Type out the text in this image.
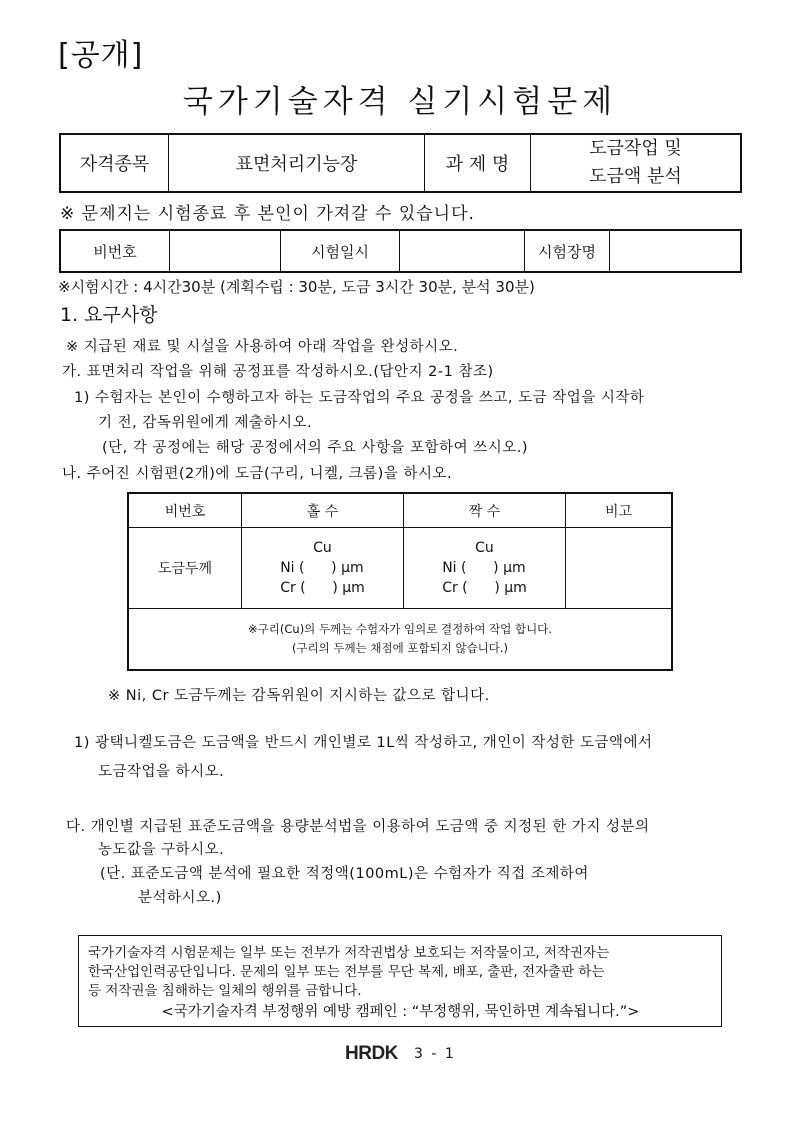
[공개]
국가기술자격 실기시험문제
자격종목	표면처리기능장	과 제 명	
도금작업 및
도금액 분석
※ 문제지는 시험종료 후 본인이 가져갈 수 있습니다.
비번호		시험일시		시험장명	
※시험시간 : 4시간30분 (계획수립 : 30분, 도금 3시간 30분, 분석 30분)
1. 요구사항
※ 지급된 재료 및 시설을 사용하여 아래 작업을 완성하시오.
가. 표면처리 작업을 위해 공정표를 작성하시오.(답안지 2-1 참조)
1) 수험자는 본인이 수행하고자 하는 도금작업의 주요 공정을 쓰고, 도금 작업을 시작하
기 전, 감독위원에게 제출하시오.
(단, 각 공정에는 해당 공정에서의 주요 사항을 포함하여 쓰시오.)
나. 주어진 시험편(2개)에 도금(구리, 니켈, 크롬)을 하시오.
비번호	홀 수	짝 수	비고
도금두께	Cu
Ni (      ) μm
Cr (      ) μm	Cu
Ni (      ) μm
Cr (      ) μm	

※구리(Cu)의 두께는 수험자가 임의로 결정하여 작업 합니다.
(구리의 두께는 채점에 포함되지 않습니다.)			
※ Ni, Cr 도금두께는 감독위원이 지시하는 값으로 합니다.
1) 광택니켈도금은 도금액을 반드시 개인별로 1L씩 작성하고, 개인이 작성한 도금액에서
도금작업을 하시오.
다. 개인별 지급된 표준도금액을 용량분석법을 이용하여 도금액 중 지정된 한 가지 성분의
농도값을 구하시오.
(단. 표준도금액 분석에 필요한 적정액(100mL)은 수험자가 직접 조제하여
분석하시오.)
국가기술자격 시험문제는 일부 또는 전부가 저작권법상 보호되는 저작물이고, 저작권자는
한국산업인력공단입니다. 문제의 일부 또는 전부를 무단 복제, 배포, 출판, 전자출판 하는
등 저작권을 침해하는 일체의 행위를 금합니다.
<국가기술자격 부정행위 예방 캠페인 : “부정행위, 묵인하면 계속됩니다.”>
HRDK 3 - 1
